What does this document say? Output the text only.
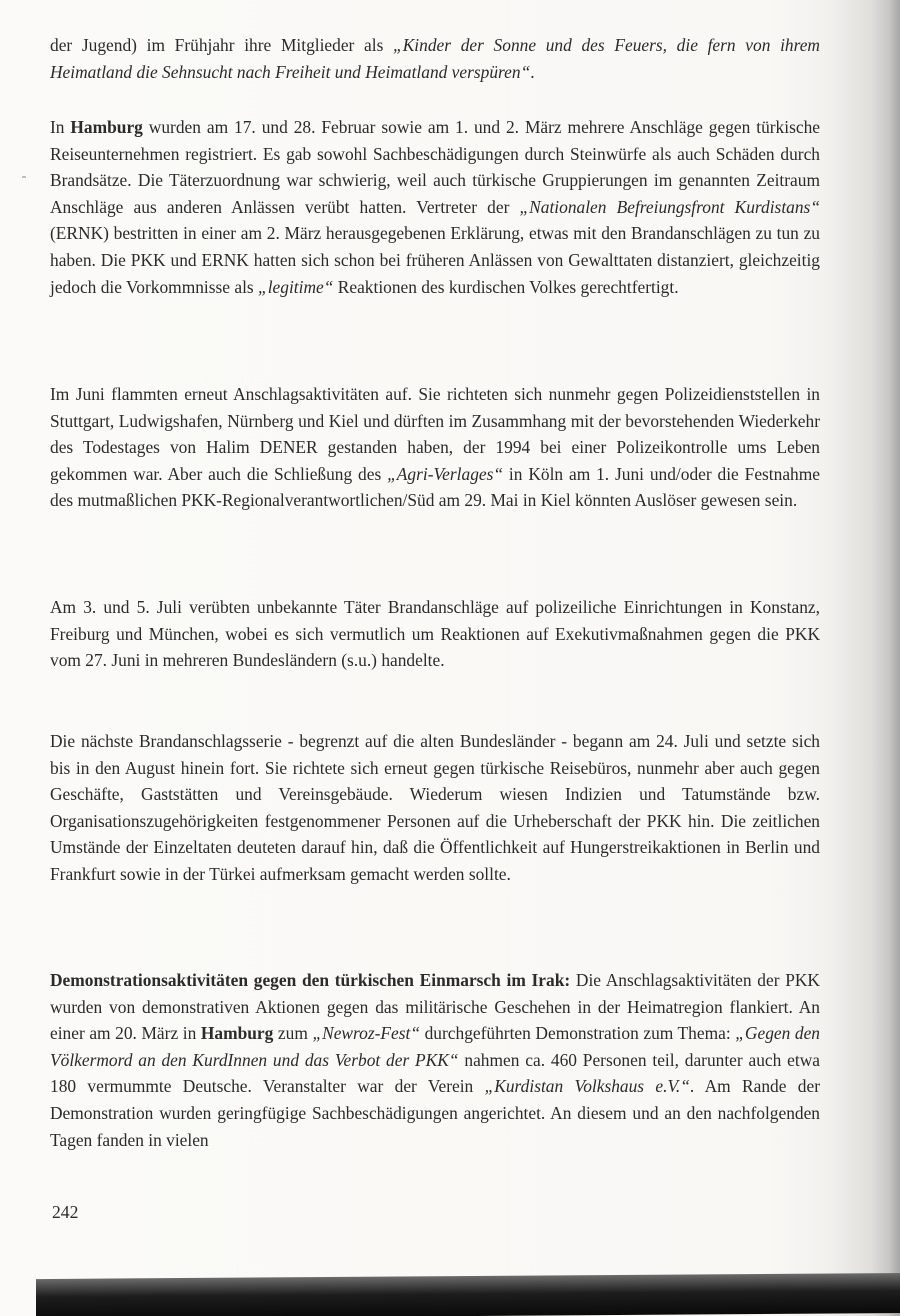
der Jugend) im Frühjahr ihre Mitglieder als „Kinder der Sonne und des Feuers, die fern von ihrem Heimatland die Sehnsucht nach Freiheit und Heimatland verspüren“.

In Hamburg wurden am 17. und 28. Februar sowie am 1. und 2. März mehrere Anschläge gegen türkische Reiseunternehmen registriert. Es gab sowohl Sachbeschädigungen durch Steinwürfe als auch Schäden durch Brandsätze. Die Täterzuordnung war schwierig, weil auch türkische Gruppierungen im genannten Zeitraum Anschläge aus anderen Anlässen verübt hatten. Vertreter der „Nationalen Befreiungsfront Kurdistans“ (ERNK) bestritten in einer am 2. März herausgegebenen Erklärung, etwas mit den Brandanschlägen zu tun zu haben. Die PKK und ERNK hatten sich schon bei früheren Anlässen von Gewalttaten distanziert, gleichzeitig jedoch die Vorkommnisse als „legitime“ Reaktionen des kurdischen Volkes gerechtfertigt.

Im Juni flammten erneut Anschlagsaktivitäten auf. Sie richteten sich nunmehr gegen Polizeidienststellen in Stuttgart, Ludwigshafen, Nürnberg und Kiel und dürften im Zusammhang mit der bevorstehenden Wiederkehr des Todestages von Halim DENER gestanden haben, der 1994 bei einer Polizeikontrolle ums Leben gekommen war. Aber auch die Schließung des „Agri-Verlages“ in Köln am 1. Juni und/oder die Festnahme des mutmaßlichen PKK-Regionalverantwortlichen/Süd am 29. Mai in Kiel könnten Auslöser gewesen sein.

Am 3. und 5. Juli verübten unbekannte Täter Brandanschläge auf polizeiliche Einrichtungen in Konstanz, Freiburg und München, wobei es sich vermutlich um Reaktionen auf Exekutivmaßnahmen gegen die PKK vom 27. Juni in mehreren Bundesländern (s.u.) handelte.

Die nächste Brandanschlagsserie - begrenzt auf die alten Bundesländer - begann am 24. Juli und setzte sich bis in den August hinein fort. Sie richtete sich erneut gegen türkische Reisebüros, nunmehr aber auch gegen Geschäfte, Gaststätten und Vereinsgebäude. Wiederum wiesen Indizien und Tatumstände bzw. Organisationszugehörigkeiten festgenommener Personen auf die Urheberschaft der PKK hin. Die zeitlichen Umstände der Einzeltaten deuteten darauf hin, daß die Öffentlichkeit auf Hungerstreikaktionen in Berlin und Frankfurt sowie in der Türkei aufmerksam gemacht werden sollte.

Demonstrationsaktivitäten gegen den türkischen Einmarsch im Irak: Die Anschlagsaktivitäten der PKK wurden von demonstrativen Aktionen gegen das militärische Geschehen in der Heimatregion flankiert. An einer am 20. März in Hamburg zum „Newroz-Fest“ durchgeführten Demonstration zum Thema: „Gegen den Völkermord an den KurdInnen und das Verbot der PKK“ nahmen ca. 460 Personen teil, darunter auch etwa 180 vermummte Deutsche. Veranstalter war der Verein „Kurdistan Volkshaus e.V.“. Am Rande der Demonstration wurden geringfügige Sachbeschädigungen angerichtet. An diesem und an den nachfolgenden Tagen fanden in vielen

242
